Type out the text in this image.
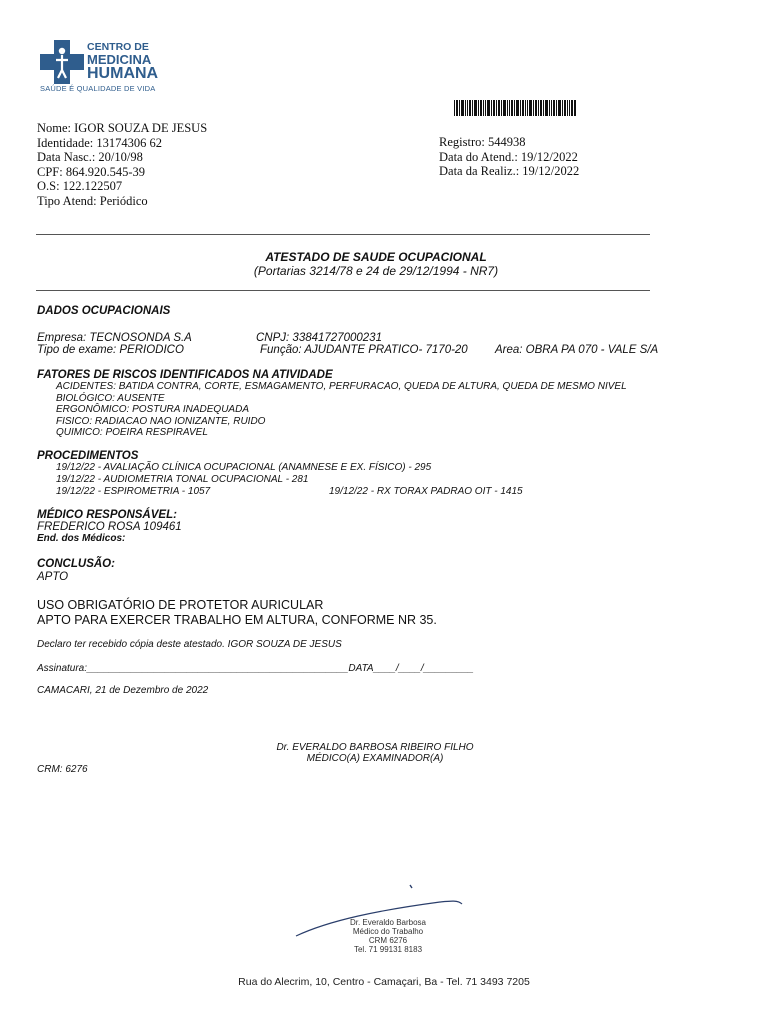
CENTRO DE
MEDICINA
HUMANA
SAÚDE É QUALIDADE DE VIDA
Nome: IGOR SOUZA DE JESUS
Identidade: 13174306 62
Data Nasc.: 20/10/98
CPF: 864.920.545-39
O.S: 122.122507
Tipo Atend: Periódico
Registro: 544938
Data do Atend.: 19/12/2022
Data da Realiz.: 19/12/2022
ATESTADO DE SAUDE OCUPACIONAL
(Portarias 3214/78 e 24 de 29/12/1994 - NR7)
DADOS OCUPACIONAIS
Empresa: TECNOSONDA S.A	CNPJ: 33841727000231
Tipo de exame: PERIODICO	Função: AJUDANTE PRATICO- 7170-20 Area: OBRA PA 070 - VALE S/A
FATORES DE RISCOS IDENTIFICADOS NA ATIVIDADE
ACIDENTES: BATIDA CONTRA, CORTE, ESMAGAMENTO, PERFURACAO, QUEDA DE ALTURA, QUEDA DE MESMO NIVEL
BIOLÓGICO: AUSENTE
ERGONÔMICO: POSTURA INADEQUADA
FISICO: RADIACAO NAO IONIZANTE, RUIDO
QUIMICO: POEIRA RESPIRAVEL
PROCEDIMENTOS
19/12/22 - AVALIAÇÃO CLÍNICA OCUPACIONAL (ANAMNESE E EX. FÍSICO) - 295
19/12/22 - AUDIOMETRIA TONAL OCUPACIONAL - 281
19/12/22 - ESPIROMETRIA - 1057	19/12/22 - RX TORAX PADRAO OIT - 1415
MÉDICO RESPONSÁVEL:
FREDERICO ROSA 109461
End. dos Médicos:
CONCLUSÃO:
APTO
USO OBRIGATÓRIO DE PROTETOR AURICULAR
APTO PARA EXERCER TRABALHO EM ALTURA, CONFORME NR 35.
Declaro ter recebido cópia deste atestado. IGOR SOUZA DE JESUS
Assinatura:_______________________________________________DATA____/____/_________
CAMACARI, 21 de Dezembro de 2022
Dr. EVERALDO BARBOSA RIBEIRO FILHO
MÉDICO(A) EXAMINADOR(A)
CRM: 6276
Dr. Everaldo Barbosa
Médico do Trabalho
CRM 6276
Tel. 71 99131 8183
Rua do Alecrim, 10, Centro - Camaçari, Ba - Tel. 71 3493 7205
